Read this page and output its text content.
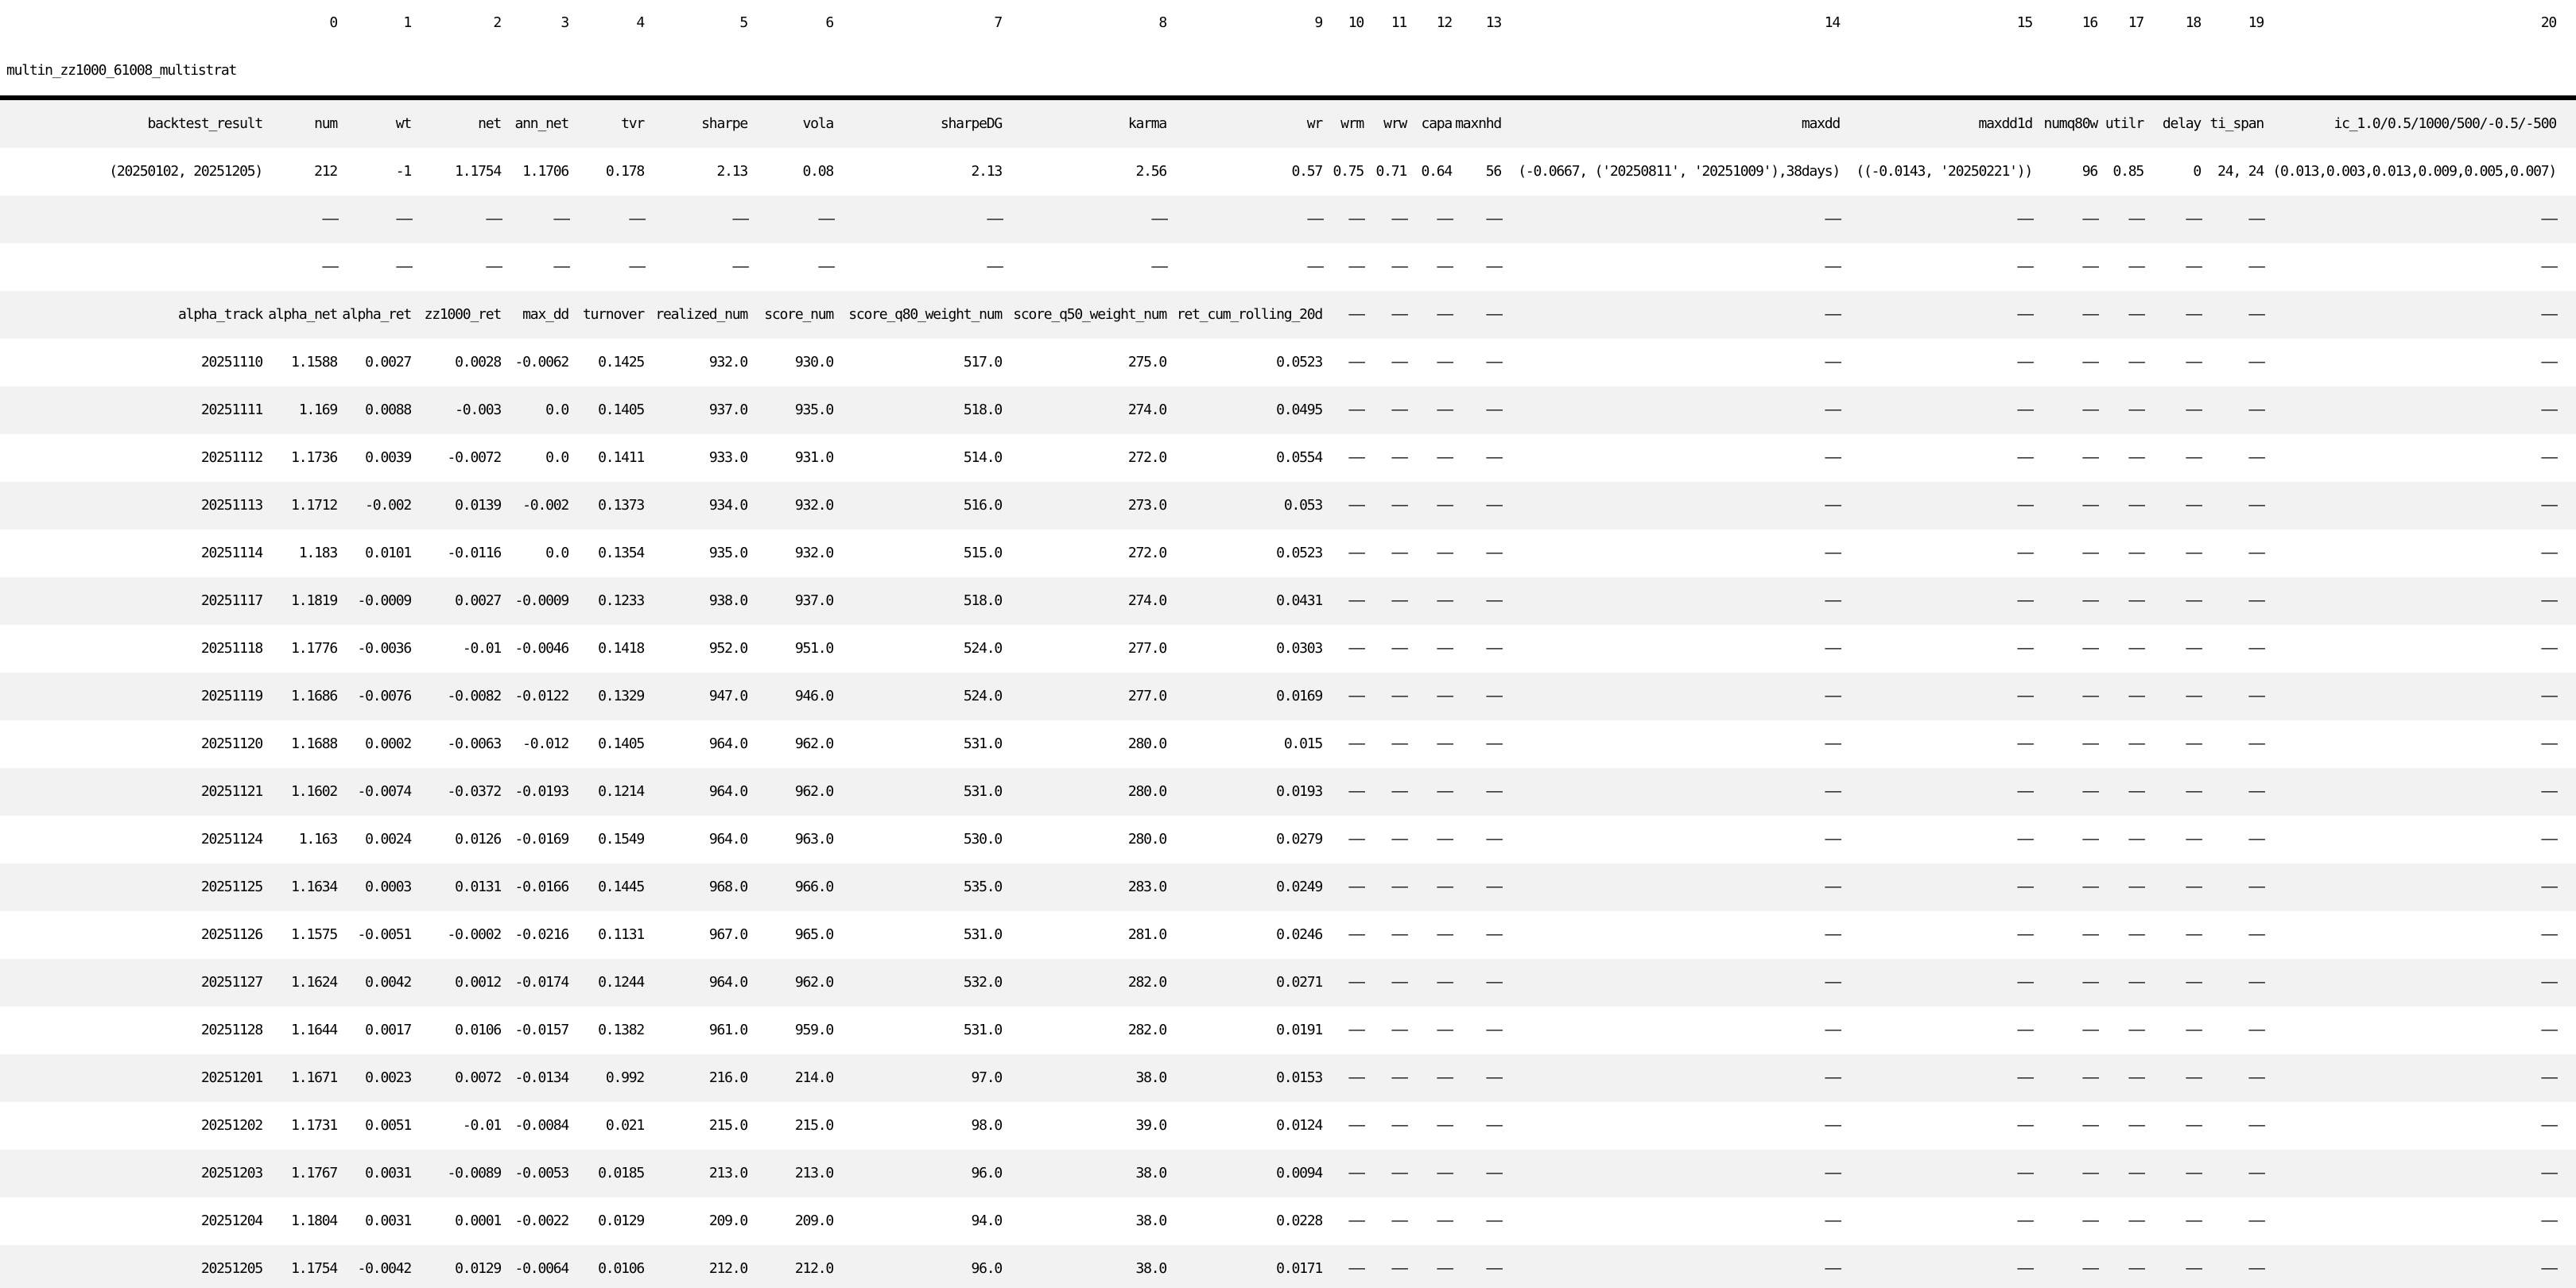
	0	1	2	3	4	5	6	7	8	9	10	11	12	13	14	15	16	17	18	19	20
multin_zz1000_61008_multistrat																					
backtest_result	num	wt	net	ann_net	tvr	sharpe	vola	sharpeDG	karma	wr	wrm	wrw	capa	maxnhd	maxdd	maxdd1d	numq80w	utilr	delay	ti_span	ic_1.0/0.5/1000/500/-0.5/-500
(20250102, 20251205)	212	-1	1.1754	1.1706	0.178	2.13	0.08	2.13	2.56	0.57	0.75	0.71	0.64	56	(-0.0667, ('20250811', '20251009'),38days)	((-0.0143, '20250221'))	96	0.85	0	24, 24	(0.013,0.003,0.013,0.009,0.005,0.007)
	—	—	—	—	—	—	—	—	—	—	—	—	—	—	—	—	—	—	—	—	—
	—	—	—	—	—	—	—	—	—	—	—	—	—	—	—	—	—	—	—	—	—
alpha_track	alpha_net	alpha_ret	zz1000_ret	max_dd	turnover	realized_num	score_num	score_q80_weight_num	score_q50_weight_num	ret_cum_rolling_20d	—	—	—	—	—	—	—	—	—	—	—
20251110	1.1588	0.0027	0.0028	-0.0062	0.1425	932.0	930.0	517.0	275.0	0.0523	—	—	—	—	—	—	—	—	—	—	—
20251111	1.169	0.0088	-0.003	0.0	0.1405	937.0	935.0	518.0	274.0	0.0495	—	—	—	—	—	—	—	—	—	—	—
20251112	1.1736	0.0039	-0.0072	0.0	0.1411	933.0	931.0	514.0	272.0	0.0554	—	—	—	—	—	—	—	—	—	—	—
20251113	1.1712	-0.002	0.0139	-0.002	0.1373	934.0	932.0	516.0	273.0	0.053	—	—	—	—	—	—	—	—	—	—	—
20251114	1.183	0.0101	-0.0116	0.0	0.1354	935.0	932.0	515.0	272.0	0.0523	—	—	—	—	—	—	—	—	—	—	—
20251117	1.1819	-0.0009	0.0027	-0.0009	0.1233	938.0	937.0	518.0	274.0	0.0431	—	—	—	—	—	—	—	—	—	—	—
20251118	1.1776	-0.0036	-0.01	-0.0046	0.1418	952.0	951.0	524.0	277.0	0.0303	—	—	—	—	—	—	—	—	—	—	—
20251119	1.1686	-0.0076	-0.0082	-0.0122	0.1329	947.0	946.0	524.0	277.0	0.0169	—	—	—	—	—	—	—	—	—	—	—
20251120	1.1688	0.0002	-0.0063	-0.012	0.1405	964.0	962.0	531.0	280.0	0.015	—	—	—	—	—	—	—	—	—	—	—
20251121	1.1602	-0.0074	-0.0372	-0.0193	0.1214	964.0	962.0	531.0	280.0	0.0193	—	—	—	—	—	—	—	—	—	—	—
20251124	1.163	0.0024	0.0126	-0.0169	0.1549	964.0	963.0	530.0	280.0	0.0279	—	—	—	—	—	—	—	—	—	—	—
20251125	1.1634	0.0003	0.0131	-0.0166	0.1445	968.0	966.0	535.0	283.0	0.0249	—	—	—	—	—	—	—	—	—	—	—
20251126	1.1575	-0.0051	-0.0002	-0.0216	0.1131	967.0	965.0	531.0	281.0	0.0246	—	—	—	—	—	—	—	—	—	—	—
20251127	1.1624	0.0042	0.0012	-0.0174	0.1244	964.0	962.0	532.0	282.0	0.0271	—	—	—	—	—	—	—	—	—	—	—
20251128	1.1644	0.0017	0.0106	-0.0157	0.1382	961.0	959.0	531.0	282.0	0.0191	—	—	—	—	—	—	—	—	—	—	—
20251201	1.1671	0.0023	0.0072	-0.0134	0.992	216.0	214.0	97.0	38.0	0.0153	—	—	—	—	—	—	—	—	—	—	—
20251202	1.1731	0.0051	-0.01	-0.0084	0.021	215.0	215.0	98.0	39.0	0.0124	—	—	—	—	—	—	—	—	—	—	—
20251203	1.1767	0.0031	-0.0089	-0.0053	0.0185	213.0	213.0	96.0	38.0	0.0094	—	—	—	—	—	—	—	—	—	—	—
20251204	1.1804	0.0031	0.0001	-0.0022	0.0129	209.0	209.0	94.0	38.0	0.0228	—	—	—	—	—	—	—	—	—	—	—
20251205	1.1754	-0.0042	0.0129	-0.0064	0.0106	212.0	212.0	96.0	38.0	0.0171	—	—	—	—	—	—	—	—	—	—	—
